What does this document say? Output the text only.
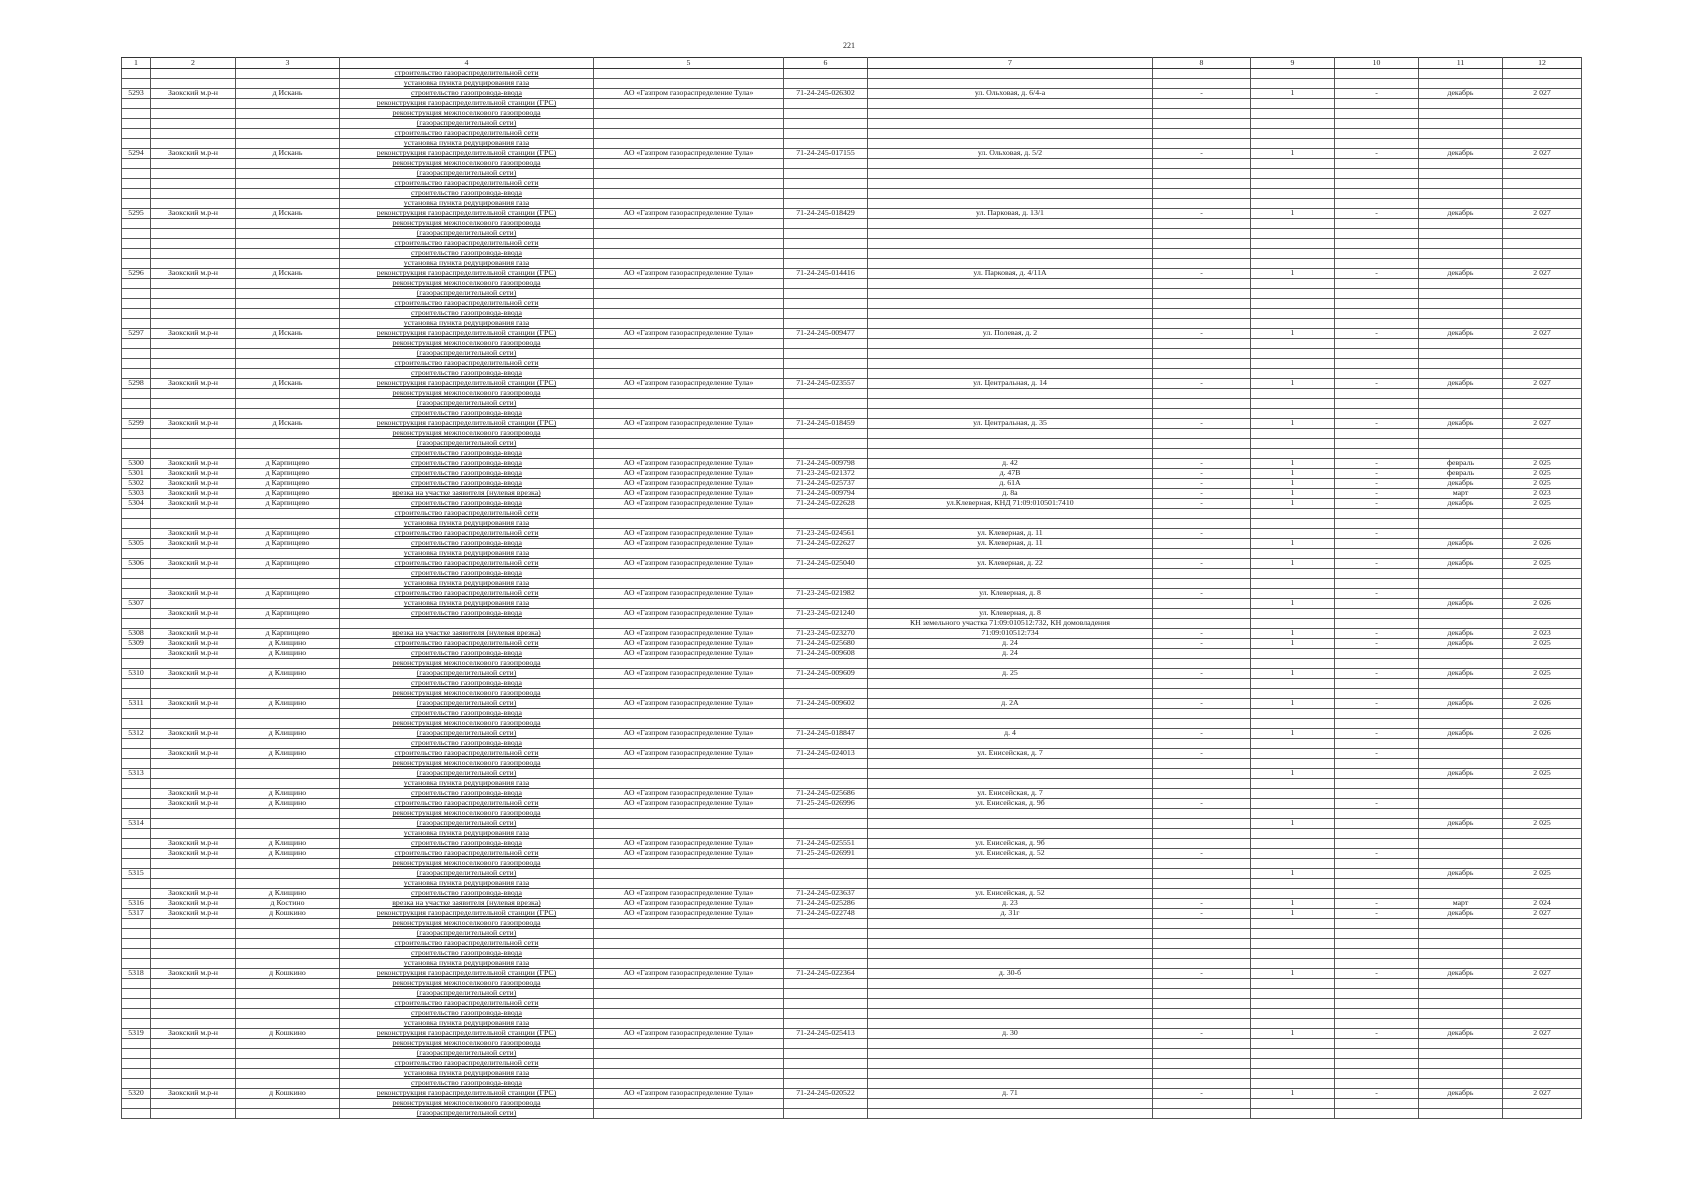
221
1	2	3	4	5	6	7	8	9	10	11	12
			строительство газораспределительной сети								
			установка пункта редуцирования газа								
5293	Заокский м.р-н	д Искань	строительство газопровода-ввода	АО «Газпром газораспределение Тула»	71-24-245-026302	ул. Ольховая, д. 6/4-а	-	1	-	декабрь	2 027
			реконструкция газораспределительной станции (ГРС)								
			реконструкция межпоселкового газопровода								
			(газораспределительной сети)								
			строительство газораспределительной сети								
			установка пункта редуцирования газа								
5294	Заокский м.р-н	д Искань	реконструкция газораспределительной станции (ГРС)	АО «Газпром газораспределение Тула»	71-24-245-017155	ул. Ольховая, д. 5/2	-	1	-	декабрь	2 027
			реконструкция межпоселкового газопровода								
			(газораспределительной сети)								
			строительство газораспределительной сети								
			строительство газопровода-ввода								
			установка пункта редуцирования газа								
5295	Заокский м.р-н	д Искань	реконструкция газораспределительной станции (ГРС)	АО «Газпром газораспределение Тула»	71-24-245-018429	ул. Парковая, д. 13/1	-	1	-	декабрь	2 027
			реконструкция межпоселкового газопровода								
			(газораспределительной сети)								
			строительство газораспределительной сети								
			строительство газопровода-ввода								
			установка пункта редуцирования газа								
5296	Заокский м.р-н	д Искань	реконструкция газораспределительной станции (ГРС)	АО «Газпром газораспределение Тула»	71-24-245-014416	ул. Парковая, д. 4/11А	-	1	-	декабрь	2 027
			реконструкция межпоселкового газопровода								
			(газораспределительной сети)								
			строительство газораспределительной сети								
			строительство газопровода-ввода								
			установка пункта редуцирования газа								
5297	Заокский м.р-н	д Искань	реконструкция газораспределительной станции (ГРС)	АО «Газпром газораспределение Тула»	71-24-245-009477	ул. Полевая, д. 2	-	1	-	декабрь	2 027
			реконструкция межпоселкового газопровода								
			(газораспределительной сети)								
			строительство газораспределительной сети								
			строительство газопровода-ввода								
5298	Заокский м.р-н	д Искань	реконструкция газораспределительной станции (ГРС)	АО «Газпром газораспределение Тула»	71-24-245-023557	ул. Центральная, д. 14	-	1	-	декабрь	2 027
			реконструкция межпоселкового газопровода								
			(газораспределительной сети)								
			строительство газопровода-ввода								
5299	Заокский м.р-н	д Искань	реконструкция газораспределительной станции (ГРС)	АО «Газпром газораспределение Тула»	71-24-245-018459	ул. Центральная, д. 35	-	1	-	декабрь	2 027
			реконструкция межпоселкового газопровода								
			(газораспределительной сети)								
			строительство газопровода-ввода								
5300	Заокский м.р-н	д Карпищево	строительство газопровода-ввода	АО «Газпром газораспределение Тула»	71-24-245-009798	д. 42	-	1	-	февраль	2 025
5301	Заокский м.р-н	д Карпищево	строительство газопровода-ввода	АО «Газпром газораспределение Тула»	71-23-245-021372	д. 47В	-	1	-	февраль	2 025
5302	Заокский м.р-н	д Карпищево	строительство газопровода-ввода	АО «Газпром газораспределение Тула»	71-24-245-025737	д. 61А	-	1	-	декабрь	2 025
5303	Заокский м.р-н	д Карпищево	врезка на участке заявителя (нулевая врезка)	АО «Газпром газораспределение Тула»	71-24-245-009794	д. 8а	-	1	-	март	2 023
5304	Заокский м.р-н	д Карпищево	строительство газопровода-ввода	АО «Газпром газораспределение Тула»	71-24-245-022628	ул.Клеверная, КНД 71:09:010501:7410	-	1	-	декабрь	2 025
			строительство газораспределительной сети								
			установка пункта редуцирования газа								
	Заокский м.р-н	д Карпищево	строительство газораспределительной сети	АО «Газпром газораспределение Тула»	71-23-245-024561	ул. Клеверная, д. 11	-		-		
5305	Заокский м.р-н	д Карпищево	строительство газопровода-ввода	АО «Газпром газораспределение Тула»	71-24-245-022627	ул. Клеверная, д. 11		1		декабрь	2 026
			установка пункта редуцирования газа								
5306	Заокский м.р-н	д Карпищево	строительство газораспределительной сети	АО «Газпром газораспределение Тула»	71-24-245-025040	ул. Клеверная, д. 22	-	1	-	декабрь	2 025
			строительство газопровода-ввода								
			установка пункта редуцирования газа								
	Заокский м.р-н	д Карпищево	строительство газораспределительной сети	АО «Газпром газораспределение Тула»	71-23-245-021982	ул. Клеверная, д. 8	-		-		
5307			установка пункта редуцирования газа					1		декабрь	2 026
	Заокский м.р-н	д Карпищево	строительство газопровода-ввода	АО «Газпром газораспределение Тула»	71-23-245-021240	ул. Клеверная, д. 8					
						КН земельного участка 71:09:010512:732, КН домовладения					
5308	Заокский м.р-н	д Карпищево	врезка на участке заявителя (нулевая врезка)	АО «Газпром газораспределение Тула»	71-23-245-023270	71:09:010512:734	-	1	-	декабрь	2 023
5309	Заокский м.р-н	д Клищино	строительство газораспределительной сети	АО «Газпром газораспределение Тула»	71-24-245-025680	д. 24	-	1	-	декабрь	2 025
	Заокский м.р-н	д Клищино	строительство газопровода-ввода	АО «Газпром газораспределение Тула»	71-24-245-009608	д. 24					
			реконструкция межпоселкового газопровода								
5310	Заокский м.р-н	д Клищино	(газораспределительной сети)	АО «Газпром газораспределение Тула»	71-24-245-009609	д. 25	-	1	-	декабрь	2 025
			строительство газопровода-ввода								
			реконструкция межпоселкового газопровода								
5311	Заокский м.р-н	д Клищино	(газораспределительной сети)	АО «Газпром газораспределение Тула»	71-24-245-009602	д. 2А	-	1	-	декабрь	2 026
			строительство газопровода-ввода								
			реконструкция межпоселкового газопровода								
5312	Заокский м.р-н	д Клищино	(газораспределительной сети)	АО «Газпром газораспределение Тула»	71-24-245-018847	д. 4	-	1	-	декабрь	2 026
			строительство газопровода-ввода								
	Заокский м.р-н	д Клищино	строительство газораспределительной сети	АО «Газпром газораспределение Тула»	71-24-245-024013	ул. Енисейская, д. 7	-		-		
			реконструкция межпоселкового газопровода								
5313			(газораспределительной сети)					1		декабрь	2 025
			установка пункта редуцирования газа								
	Заокский м.р-н	д Клищино	строительство газопровода-ввода	АО «Газпром газораспределение Тула»	71-24-245-025686	ул. Енисейская, д. 7					
	Заокский м.р-н	д Клищино	строительство газораспределительной сети	АО «Газпром газораспределение Тула»	71-25-245-026996	ул. Енисейская, д. 9б	-		-		
			реконструкция межпоселкового газопровода								
5314			(газораспределительной сети)					1		декабрь	2 025
			установка пункта редуцирования газа								
	Заокский м.р-н	д Клищино	строительство газопровода-ввода	АО «Газпром газораспределение Тула»	71-24-245-025551	ул. Енисейская, д. 9б					
	Заокский м.р-н	д Клищино	строительство газораспределительной сети	АО «Газпром газораспределение Тула»	71-25-245-026991	ул. Енисейская, д. 52	-		-		
			реконструкция межпоселкового газопровода								
5315			(газораспределительной сети)					1		декабрь	2 025
			установка пункта редуцирования газа								
	Заокский м.р-н	д Клищино	строительство газопровода-ввода	АО «Газпром газораспределение Тула»	71-24-245-023637	ул. Енисейская, д. 52					
5316	Заокский м.р-н	д Костино	врезка на участке заявителя (нулевая врезка)	АО «Газпром газораспределение Тула»	71-24-245-025286	д. 23	-	1	-	март	2 024
5317	Заокский м.р-н	д Кошкино	реконструкция газораспределительной станции (ГРС)	АО «Газпром газораспределение Тула»	71-24-245-022748	д. 31г	-	1	-	декабрь	2 027
			реконструкция межпоселкового газопровода								
			(газораспределительной сети)								
			строительство газораспределительной сети								
			строительство газопровода-ввода								
			установка пункта редуцирования газа								
5318	Заокский м.р-н	д Кошкино	реконструкция газораспределительной станции (ГРС)	АО «Газпром газораспределение Тула»	71-24-245-022364	д. 30-б	-	1	-	декабрь	2 027
			реконструкция межпоселкового газопровода								
			(газораспределительной сети)								
			строительство газораспределительной сети								
			строительство газопровода-ввода								
			установка пункта редуцирования газа								
5319	Заокский м.р-н	д Кошкино	реконструкция газораспределительной станции (ГРС)	АО «Газпром газораспределение Тула»	71-24-245-025413	д. 30	-	1	-	декабрь	2 027
			реконструкция межпоселкового газопровода								
			(газораспределительной сети)								
			строительство газораспределительной сети								
			установка пункта редуцирования газа								
			строительство газопровода-ввода								
5320	Заокский м.р-н	д Кошкино	реконструкция газораспределительной станции (ГРС)	АО «Газпром газораспределение Тула»	71-24-245-020522	д. 71	-	1	-	декабрь	2 027
			реконструкция межпоселкового газопровода								
			(газораспределительной сети)								
